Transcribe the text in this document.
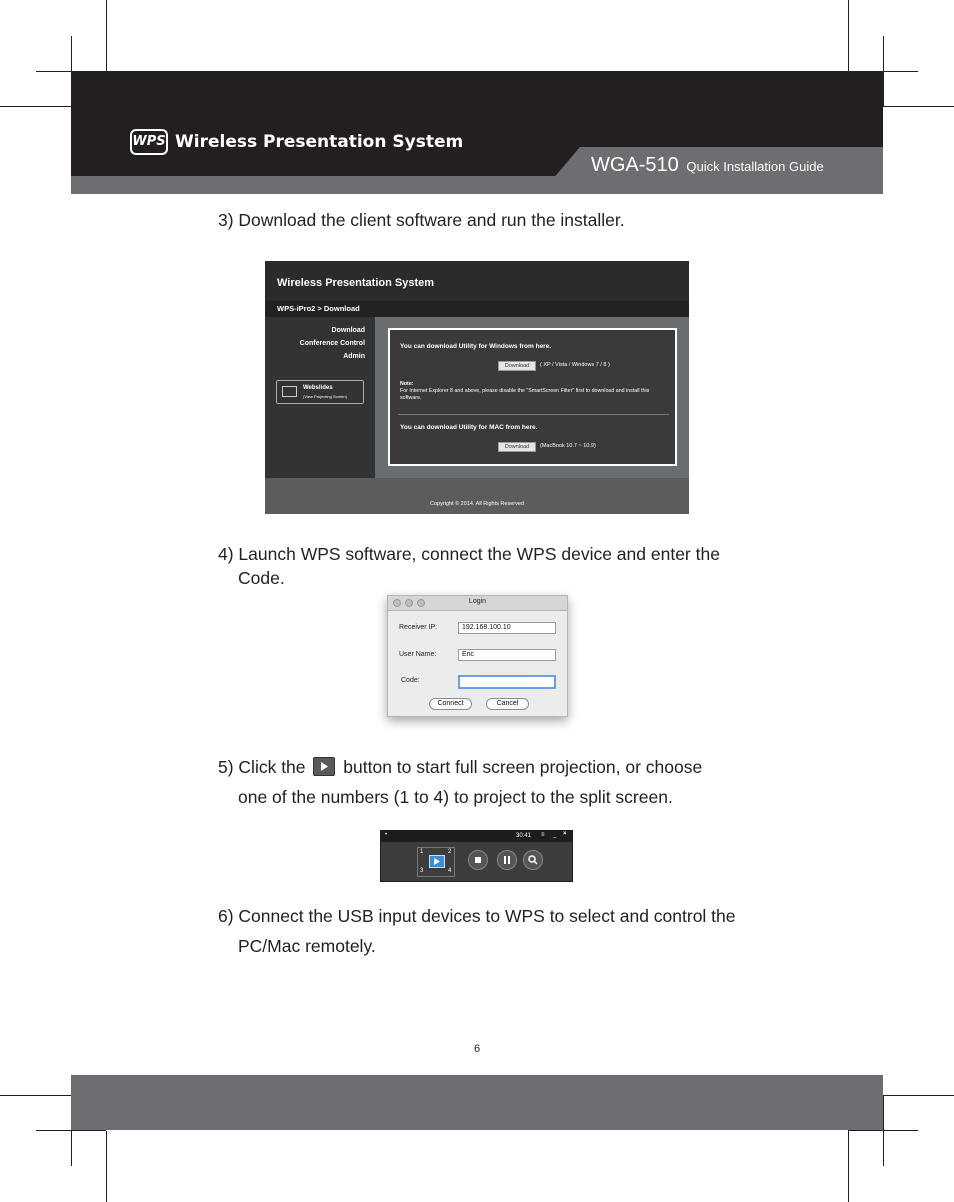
WPS Wireless Presentation System
WGA-510 Quick Installation Guide
3) Download the client software and run the installer.
Wireless Presentation System
WPS-iPro2 > Download
Download
Conference Control
Admin
Webslides
(View Projecting Screen)
You can download Utility for Windows from here.
Download	( XP / Vista / Windows 7 / 8 )
Note:
For Internet Explorer 8 and above, please disable the "SmartScreen Filter" first to download and install this software.
You can download Utility for MAC from here.
Download	(MacBook 10.7 ~ 10.9)
Copyright © 2014. All Rights Reserved
4) Launch WPS software, connect the WPS device and enter the
Code.
Login
Receiver IP:	192.168.100.10
User Name:	Eric
Code:
Connect	Cancel
5) Click the button to start full screen projection, or choose
one of the numbers (1 to 4) to project to the split screen.
•	30:41 ≡ _ ×
1	2
3	4
6) Connect the USB input devices to WPS to select and control the
PC/Mac remotely.
6
